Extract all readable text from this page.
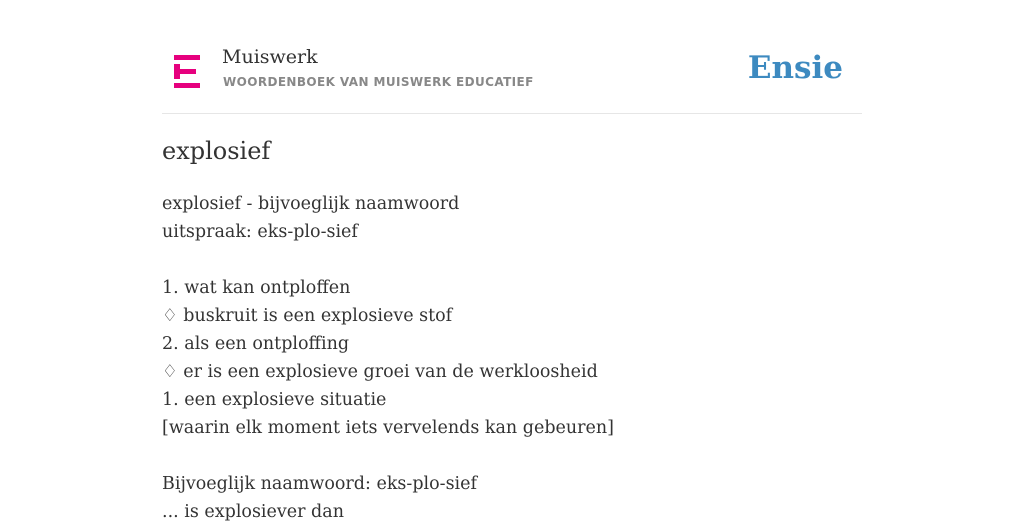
Muiswerk
WOORDENBOEK VAN MUISWERK EDUCATIEF	Ensie
explosief
explosief - bijvoeglijk naamwoord
uitspraak: eks-plo-sief
1. wat kan ontploffen
♢ buskruit is een explosieve stof
2. als een ontploffing
♢ er is een explosieve groei van de werkloosheid
1. een explosieve situatie
[waarin elk moment iets vervelends kan gebeuren]
Bijvoeglijk naamwoord: eks-plo-sief
... is explosiever dan
